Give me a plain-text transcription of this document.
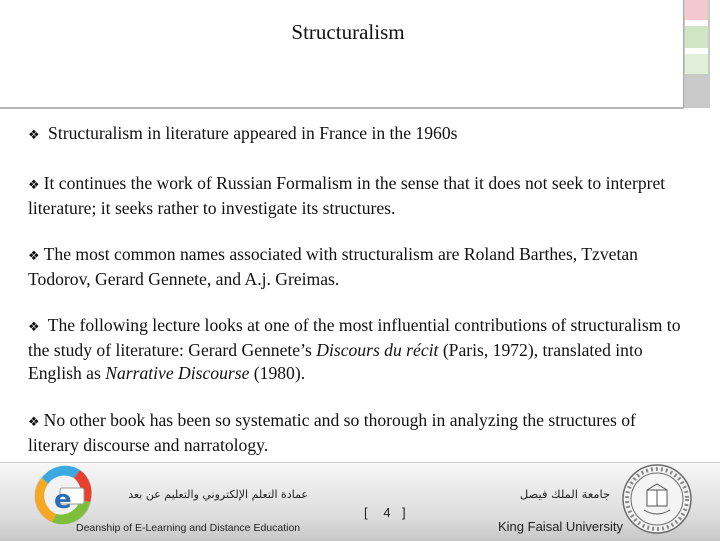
Structuralism

❖ Structuralism in literature appeared in France in the 1960s

❖ It continues the work of Russian Formalism in the sense that it does not seek to interpret literature; it seeks rather to investigate its structures.

❖ The most common names associated with structuralism are Roland Barthes, Tzvetan Todorov, Gerard Gennete, and A.j. Greimas.

❖ The following lecture looks at one of the most influential contributions of structuralism to the study of literature: Gerard Gennete’s Discours du récit (Paris, 1972), translated into English as Narrative Discourse (1980).

❖ No other book has been so systematic and so thorough in analyzing the structures of literary discourse and narratology.

e	عمادة التعلم الإلكتروني والتعليم عن بعد
Deanship of E-Learning and Distance Education
[ 4 ]
جامعة الملك فيصل
King Faisal University
